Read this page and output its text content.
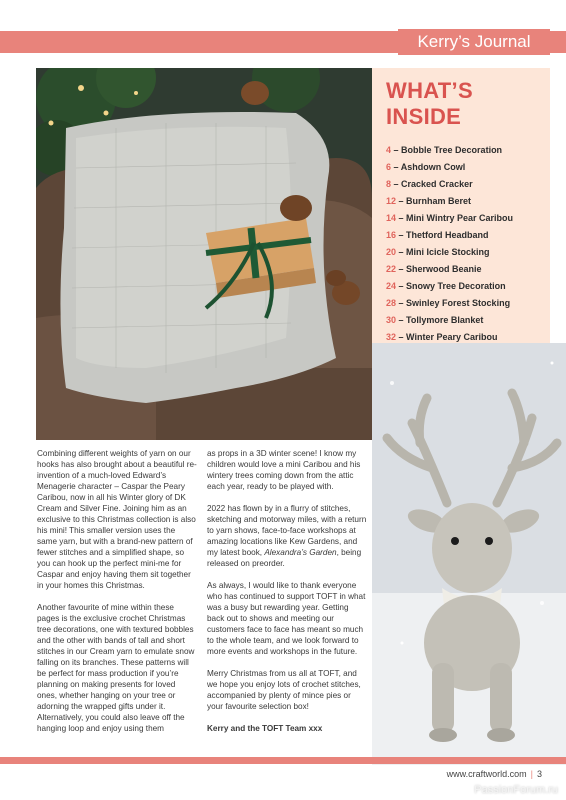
Kerry’s Journal
WHAT’S INSIDE
4 – Bobble Tree Decoration
6 – Ashdown Cowl
8 – Cracked Cracker
12 – Burnham Beret
14 – Mini Wintry Pear Caribou
16 – Thetford Headband
20 – Mini Icicle Stocking
22 – Sherwood Beanie
24 – Snowy Tree Decoration
28 – Swinley Forest Stocking
30 – Tollymore Blanket
32 – Winter Peary Caribou

Combining different weights of yarn on our hooks has also brought about a beautiful re-invention of a much-loved Edward’s Menagerie character – Caspar the Peary Caribou, now in all his Winter glory of DK Cream and Silver Fine. Joining him as an exclusive to this Christmas collection is also his mini! This smaller version uses the same yarn, but with a brand-new pattern of fewer stitches and a simplified shape, so you can hook up the perfect mini-me for Caspar and enjoy having them sit together in your homes this Christmas.

Another favourite of mine within these pages is the exclusive crochet Christmas tree decorations, one with textured bobbles and the other with bands of tall and short stitches in our Cream yarn to emulate snow falling on its branches. These patterns will be perfect for mass production if you’re planning on making presents for loved ones, whether hanging on your tree or adorning the wrapped gifts under it. Alternatively, you could also leave off the hanging loop and enjoy using them

as props in a 3D winter scene! I know my children would love a mini Caribou and his wintery trees coming down from the attic each year, ready to be played with.

2022 has flown by in a flurry of stitches, sketching and motorway miles, with a return to yarn shows, face-to-face workshops at amazing locations like Kew Gardens, and my latest book, Alexandra’s Garden, being released on preorder.

As always, I would like to thank everyone who has continued to support TOFT in what was a busy but rewarding year. Getting back out to shows and meeting our customers face to face has meant so much to the whole team, and we look forward to more events and workshops in the future.

Merry Christmas from us all at TOFT, and we hope you enjoy lots of crochet stitches, accompanied by plenty of mince pies or your favourite selection box!

Kerry and the TOFT Team xxx

www.craftworld.com | 3
PassionForum.ru
